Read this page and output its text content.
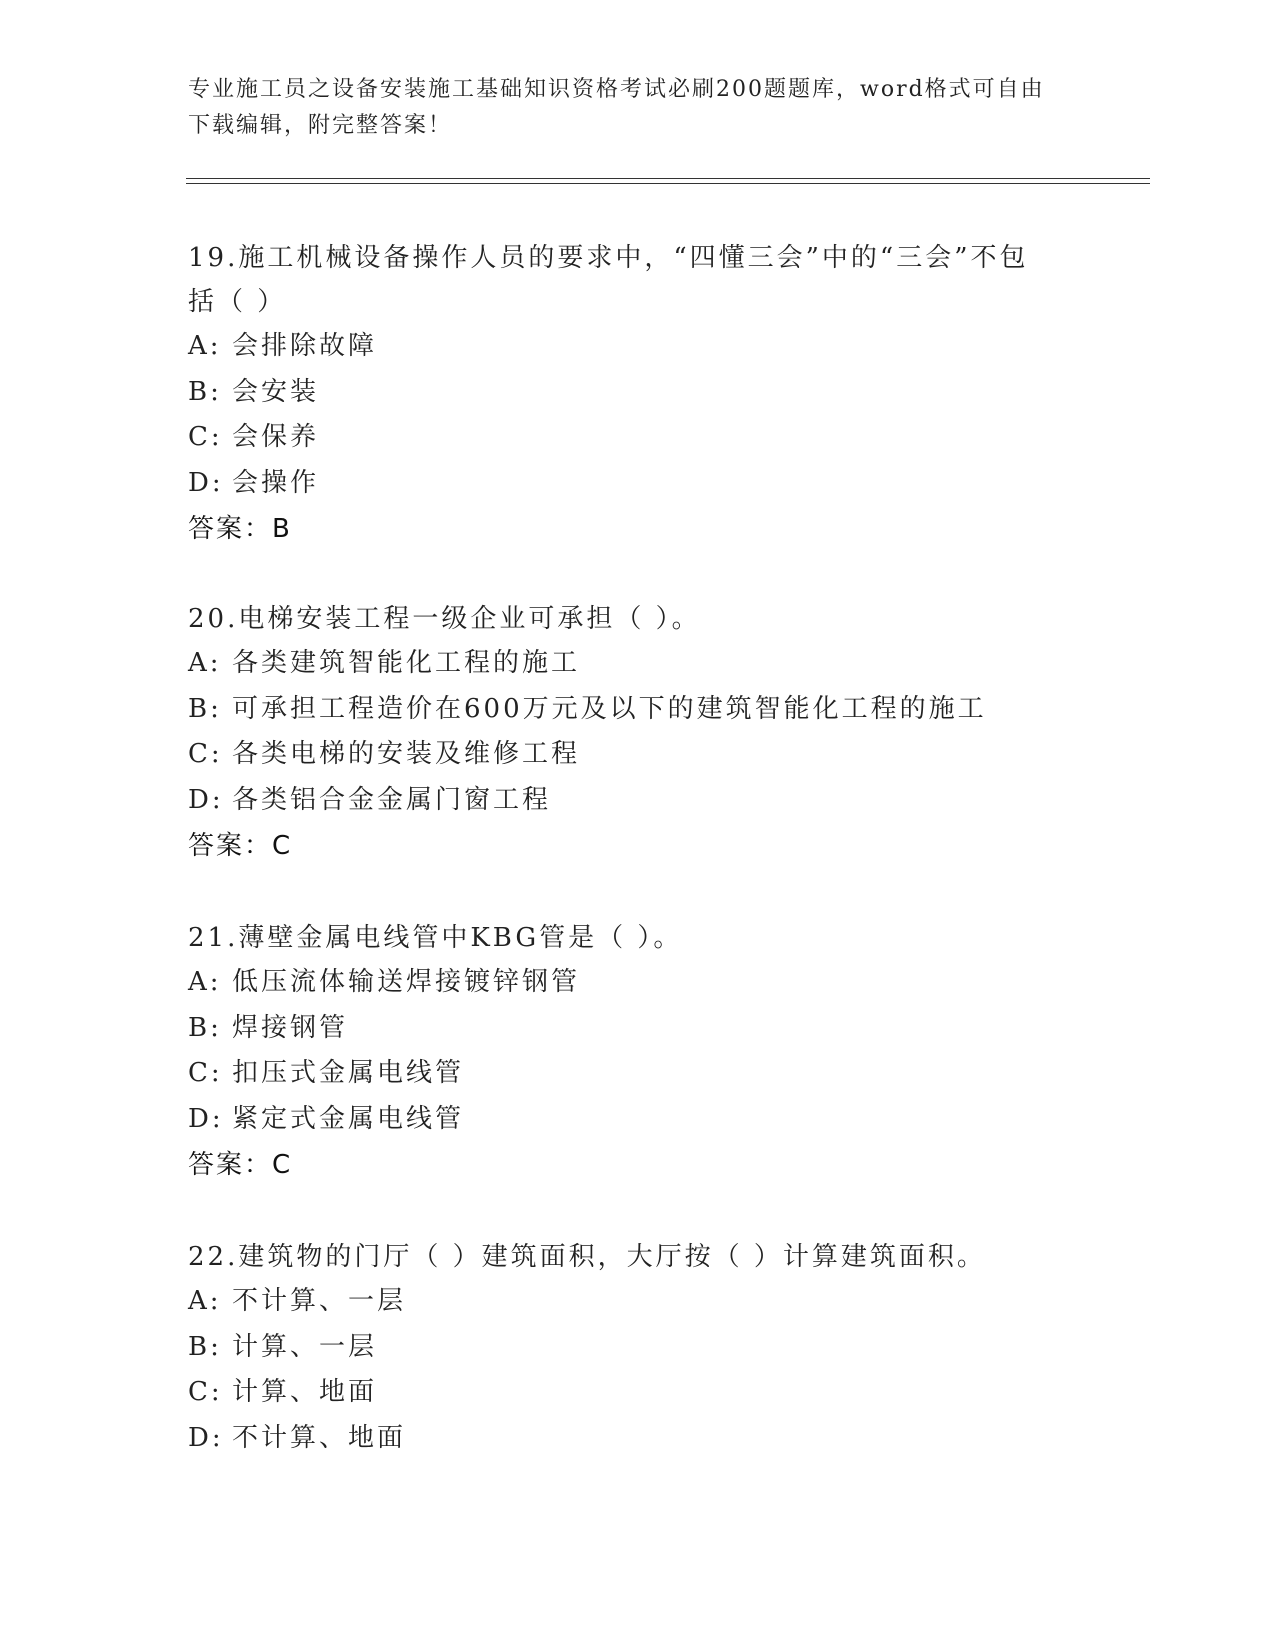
专业施工员之设备安装施工基础知识资格考试必刷200题题库，word格式可自由
下载编辑，附完整答案！

19.施工机械设备操作人员的要求中，“四懂三会”中的“三会”不包

括（ ）

A: 会排除故障

B: 会安装

C: 会保养

D: 会操作

答案：B

20.电梯安装工程一级企业可承担（ ）。

A: 各类建筑智能化工程的施工

B: 可承担工程造价在600万元及以下的建筑智能化工程的施工

C: 各类电梯的安装及维修工程

D: 各类铝合金金属门窗工程

答案：C

21.薄壁金属电线管中KBG管是（ ）。

A: 低压流体输送焊接镀锌钢管

B: 焊接钢管

C: 扣压式金属电线管

D: 紧定式金属电线管

答案：C

22.建筑物的门厅（ ）建筑面积，大厅按（ ）计算建筑面积。

A: 不计算、一层

B: 计算、一层

C: 计算、地面

D: 不计算、地面
